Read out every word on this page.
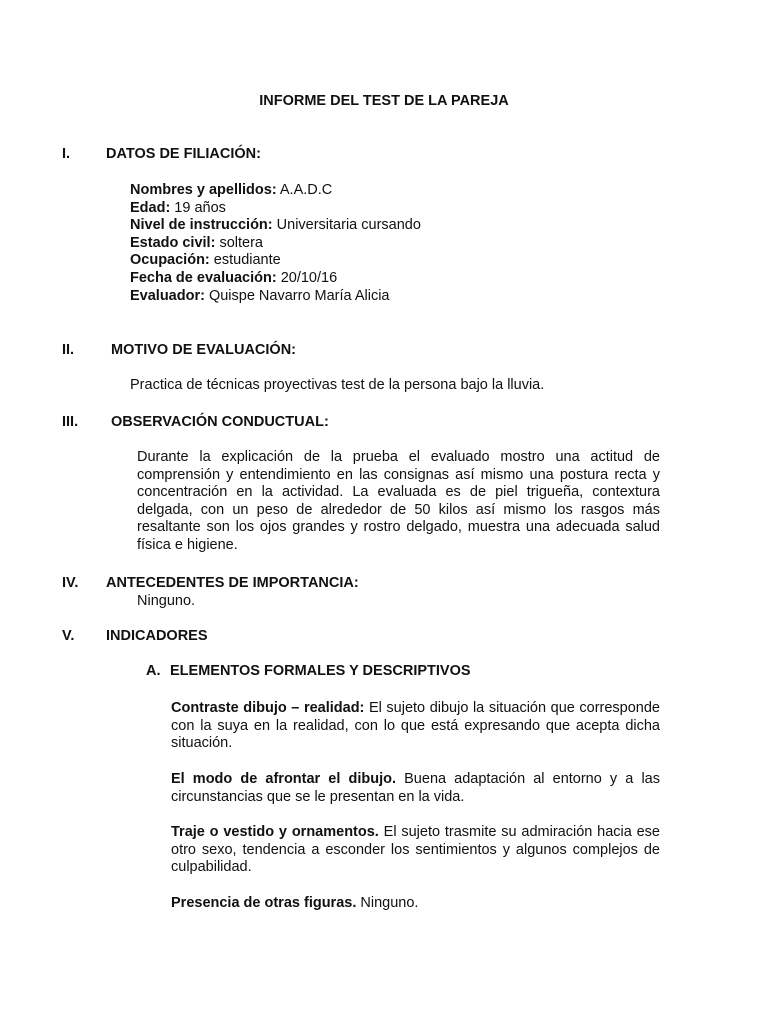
INFORME DEL TEST DE LA PAREJA
I. DATOS DE FILIACIÓN:
Nombres y apellidos: A.A.D.C
Edad: 19 años
Nivel de instrucción: Universitaria cursando
Estado civil: soltera
Ocupación: estudiante
Fecha de evaluación: 20/10/16
Evaluador: Quispe Navarro María Alicia
II.	MOTIVO DE EVALUACIÓN:
Practica de técnicas proyectivas test de la persona bajo la lluvia.
III. OBSERVACIÓN CONDUCTUAL:
Durante la explicación de la prueba el evaluado mostro una actitud de comprensión y entendimiento en las consignas así mismo una postura recta y concentración en la actividad. La evaluada es de piel trigueña, contextura delgada, con un peso de alrededor de 50 kilos así mismo los rasgos más resaltante son los ojos grandes y rostro delgado, muestra una adecuada salud física e higiene.
IV. ANTECEDENTES DE IMPORTANCIA:
Ninguno.
V. INDICADORES
A. ELEMENTOS FORMALES Y DESCRIPTIVOS
Contraste dibujo – realidad: El sujeto dibujo la situación que corresponde con la suya en la realidad, con lo que está expresando que acepta dicha situación.
El modo de afrontar el dibujo. Buena adaptación al entorno y a las circunstancias que se le presentan en la vida.
Traje o vestido y ornamentos. El sujeto trasmite su admiración hacia ese otro sexo, tendencia a esconder los sentimientos y algunos complejos de culpabilidad.
Presencia de otras figuras. Ninguno.
